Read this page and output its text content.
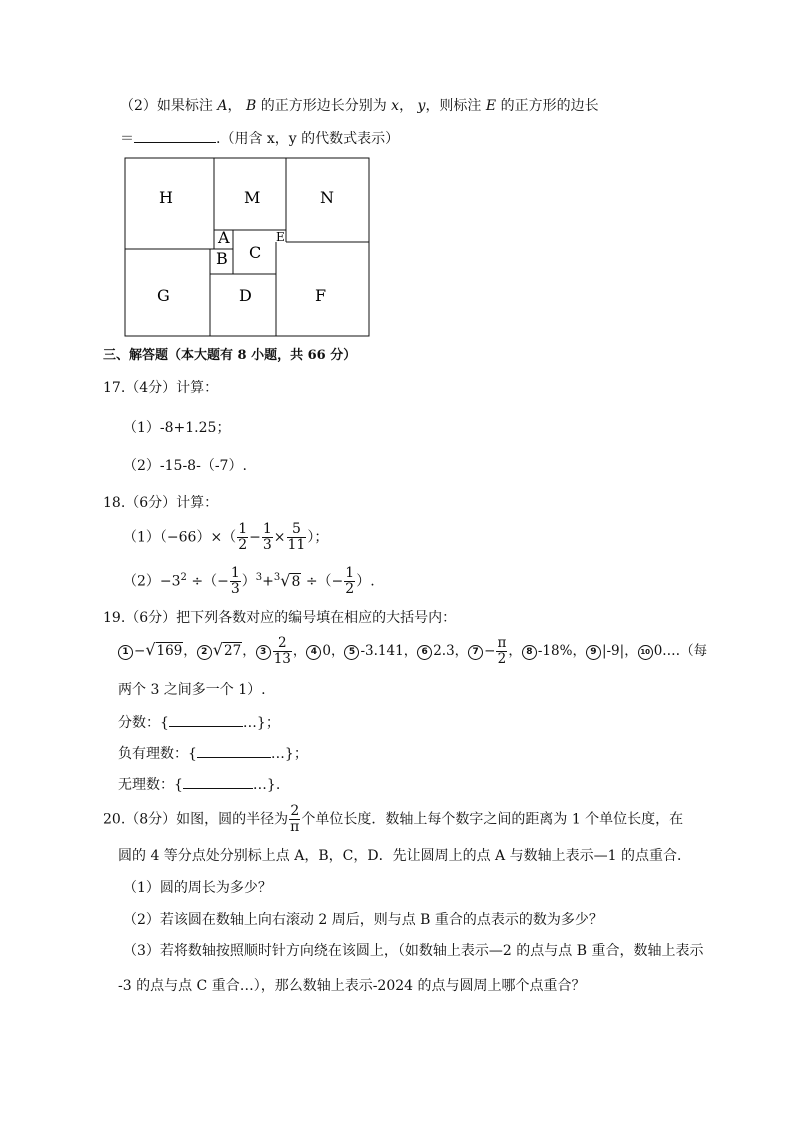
（2）如果标注 A， B 的正方形边长分别为 x， y，则标注 E 的正方形的边长
＝	.（用含 x，y 的代数式表示）
H	M	N
A	E
B C
G	D	F
三、解答题（本大题有 8 小题，共 66 分）
17.（4分）计算：
（1）-8+1.25；
（2）-15-8-（-7）.
18.（6分）计算：
$(1)(-66)\times( \frac{1}{2} - \frac{1}{3} \times \frac{5}{11}$ ）；
$(2)-3^2$ ÷（− $\frac{1}{3} )^3+^3√8$ ÷（− $\frac{1}{2}$ ）.
19.（6分）把下列各数对应的编号填在相应的大括号内：
1 −√169， 2 √27， $3 \frac{2}{13}$ ， 4 0， 5 -3.141， 6 2.3， $7 - \frac{\pi}{2}$ ， 8 -18%， 9 |-9|， 10 0.…（每
两个 3 之间多一个 1）.
分数：{	…}；
负有理数：{	…}；
无理数：{	…}.
20.（8分）如图，圆的半径为 $\frac{2}{\pi}$ 个单位长度．数轴上每个数字之间的距离为 1 个单位长度，在
圆的 4 等分点处分别标上点 A，B，C，D．先让圆周上的点 A 与数轴上表示—1 的点重合．
（1）圆的周长为多少？
（2）若该圆在数轴上向右滚动 2 周后，则与点 B 重合的点表示的数为多少？
（3）若将数轴按照顺时针方向绕在该圆上，（如数轴上表示—2 的点与点 B 重合，数轴上表示
-3 的点与点 C 重合…），那么数轴上表示-2024 的点与圆周上哪个点重合？
